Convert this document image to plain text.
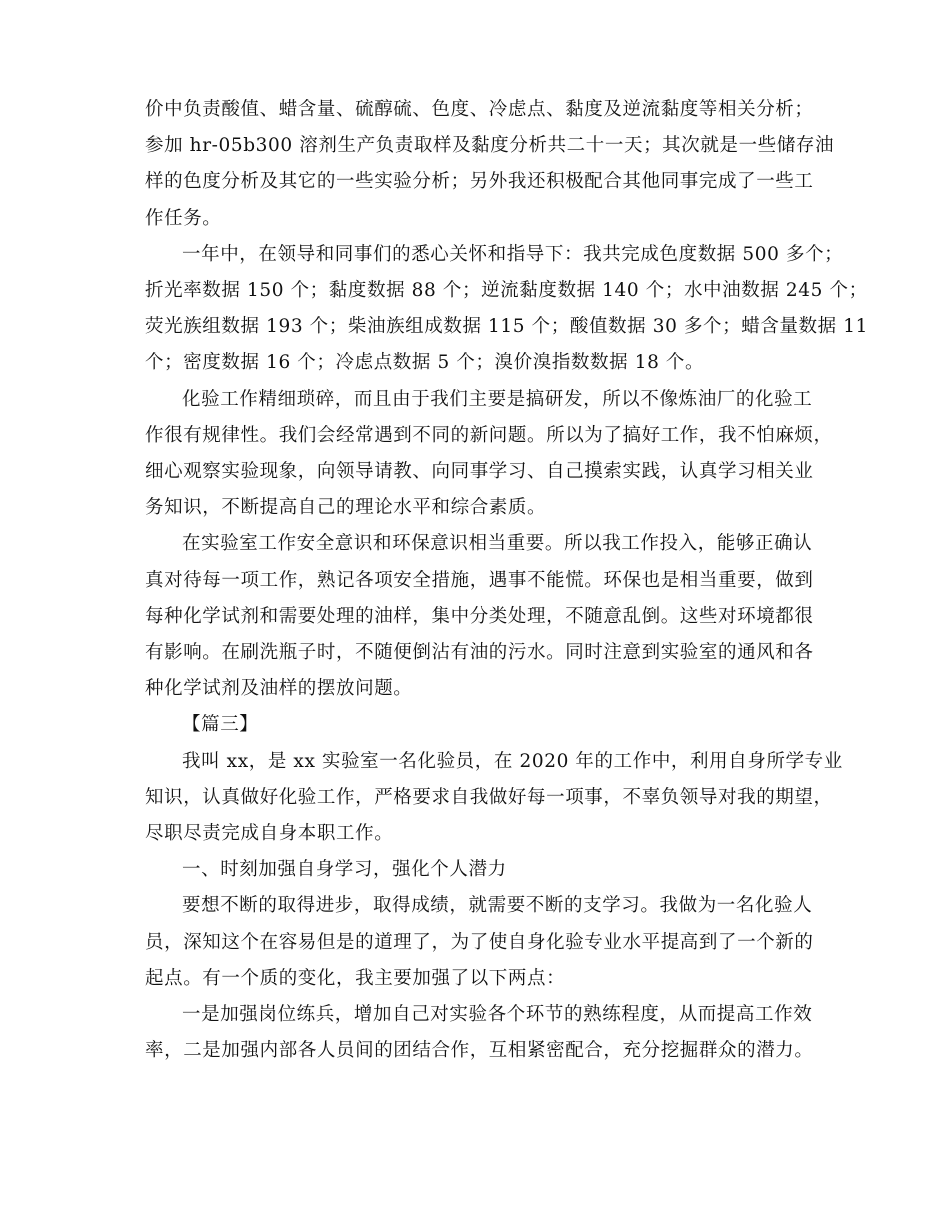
价中负责酸值、蜡含量、硫醇硫、色度、冷虑点、黏度及逆流黏度等相关分析；
参加 hr-05b300 溶剂生产负责取样及黏度分析共二十一天；其次就是一些储存油
样的色度分析及其它的一些实验分析；另外我还积极配合其他同事完成了一些工
作任务。
一年中，在领导和同事们的悉心关怀和指导下：我共完成色度数据 500 多个；
折光率数据 150 个；黏度数据 88 个；逆流黏度数据 140 个；水中油数据 245 个；
荧光族组数据 193 个；柴油族组成数据 115 个；酸值数据 30 多个；蜡含量数据 11
个；密度数据 16 个；冷虑点数据 5 个；溴价溴指数数据 18 个。
化验工作精细琐碎，而且由于我们主要是搞研发，所以不像炼油厂的化验工
作很有规律性。我们会经常遇到不同的新问题。所以为了搞好工作，我不怕麻烦，
细心观察实验现象，向领导请教、向同事学习、自己摸索实践，认真学习相关业
务知识，不断提高自己的理论水平和综合素质。
在实验室工作安全意识和环保意识相当重要。所以我工作投入，能够正确认
真对待每一项工作，熟记各项安全措施，遇事不能慌。环保也是相当重要，做到
每种化学试剂和需要处理的油样，集中分类处理，不随意乱倒。这些对环境都很
有影响。在刷洗瓶子时，不随便倒沾有油的污水。同时注意到实验室的通风和各
种化学试剂及油样的摆放问题。
【篇三】
我叫 xx，是 xx 实验室一名化验员，在 2020 年的工作中，利用自身所学专业
知识，认真做好化验工作，严格要求自我做好每一项事，不辜负领导对我的期望，
尽职尽责完成自身本职工作。
一、时刻加强自身学习，强化个人潜力
要想不断的取得进步，取得成绩，就需要不断的支学习。我做为一名化验人
员，深知这个在容易但是的道理了，为了使自身化验专业水平提高到了一个新的
起点。有一个质的变化，我主要加强了以下两点：
一是加强岗位练兵，增加自己对实验各个环节的熟练程度，从而提高工作效
率，二是加强内部各人员间的团结合作，互相紧密配合，充分挖掘群众的潜力。
